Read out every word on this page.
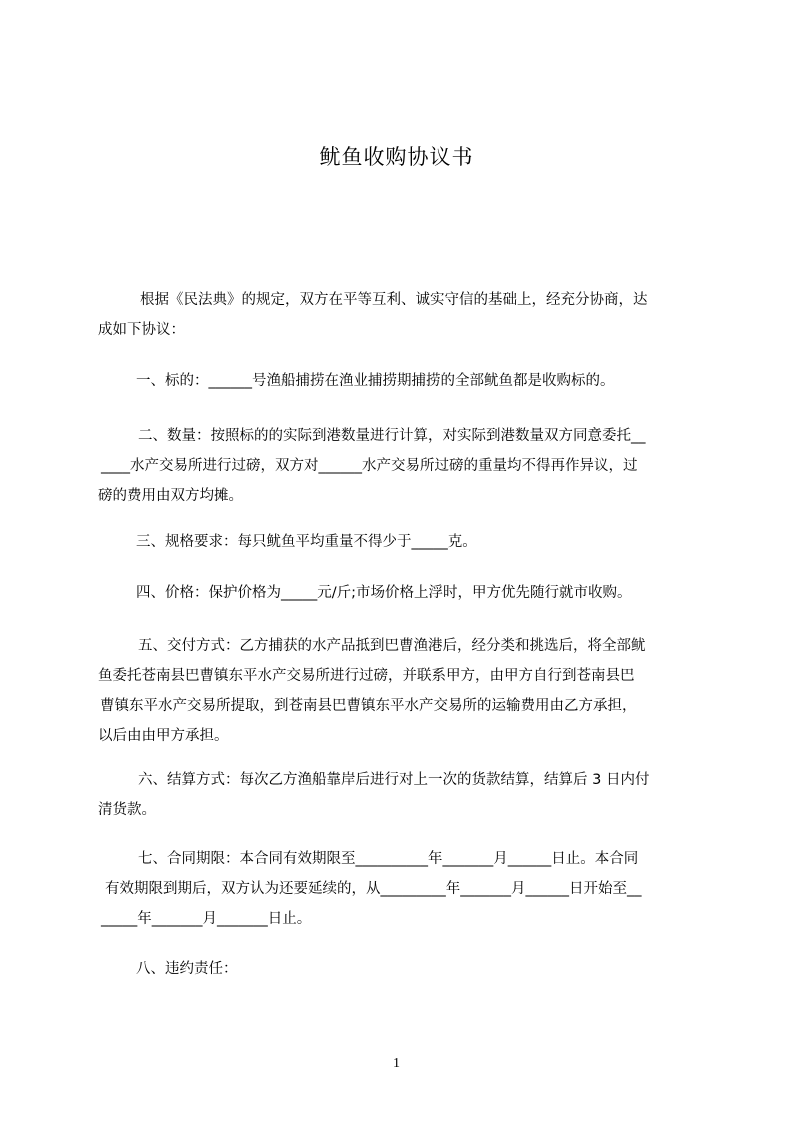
鱿鱼收购协议书
根据《民法典》的规定，双方在平等互利、诚实守信的基础上，经充分协商，达
成如下协议：
一、标的：______号渔船捕捞在渔业捕捞期捕捞的全部鱿鱼都是收购标的。
二、数量：按照标的的实际到港数量进行计算，对实际到港数量双方同意委托__
____水产交易所进行过磅，双方对______水产交易所过磅的重量均不得再作异议，过
磅的费用由双方均摊。
三、规格要求：每只鱿鱼平均重量不得少于_____克。
四、价格：保护价格为_____元/斤;市场价格上浮时，甲方优先随行就市收购。
五、交付方式：乙方捕获的水产品抵到巴曹渔港后，经分类和挑选后，将全部鱿
鱼委托苍南县巴曹镇东平水产交易所进行过磅，并联系甲方，由甲方自行到苍南县巴
曹镇东平水产交易所提取，到苍南县巴曹镇东平水产交易所的运输费用由乙方承担，
以后由由甲方承担。
六、结算方式：每次乙方渔船靠岸后进行对上一次的货款结算，结算后 3 日内付
清货款。
七、合同期限：本合同有效期限至__________年_______月______日止。本合同
有效期限到期后，双方认为还要延续的，从_________年_______月______日开始至__
_____年_______月_______日止。
八、违约责任：
1
